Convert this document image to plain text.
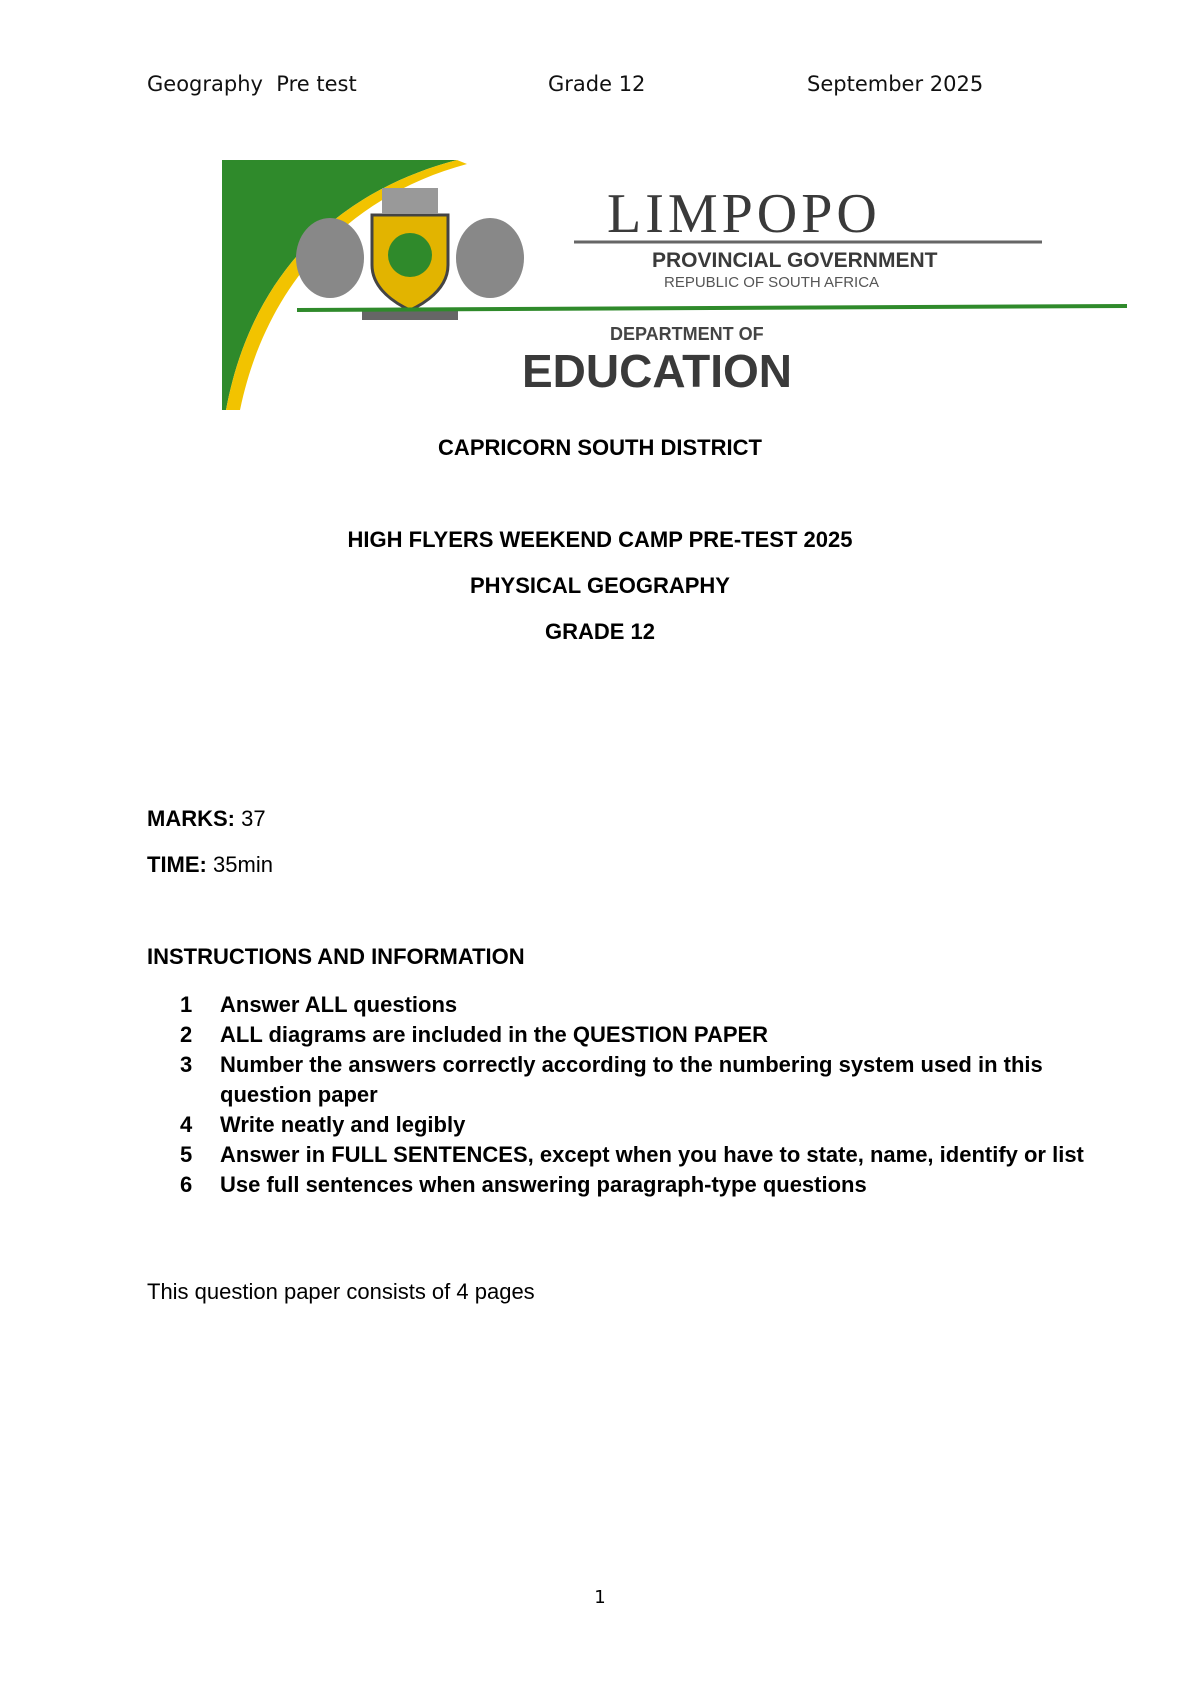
Geography  Pre test	Grade 12	September 2025
LIMPOPO
PROVINCIAL GOVERNMENT
REPUBLIC OF SOUTH AFRICA
DEPARTMENT OF
EDUCATION
CAPRICORN SOUTH DISTRICT
HIGH FLYERS WEEKEND CAMP PRE-TEST 2025
PHYSICAL GEOGRAPHY
GRADE 12
MARKS: 37
TIME: 35min
INSTRUCTIONS AND INFORMATION
1	Answer ALL questions
2	ALL diagrams are included in the QUESTION PAPER
3	Number the answers correctly according to the numbering system used in this question paper
4	Write neatly and legibly
5	Answer in FULL SENTENCES, except when you have to state, name, identify or list
6	Use full sentences when answering paragraph-type questions
This question paper consists of 4 pages
1
